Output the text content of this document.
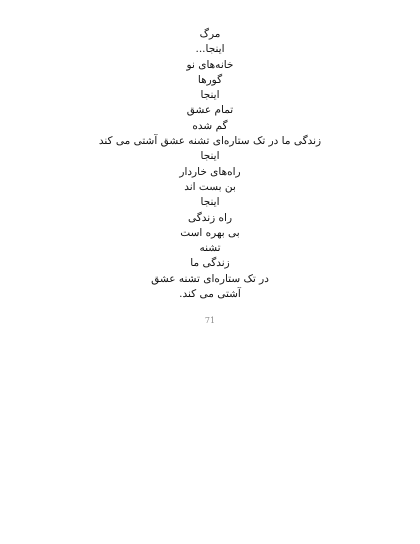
مرگ
اینجا...
خانه‌های نو
گورها
اینجا
تمام عشق
گم شده
زندگی ما در تک ستاره‌ای تشنه عشق آشتی می کند
اینجا
راه‌های خاردار
بن بست اند
اینجا
راه زندگی
بی بهره است
تشنه
زندگی ما
در تک ستاره‌ای تشنه عشق
آشتی می کند.
71
